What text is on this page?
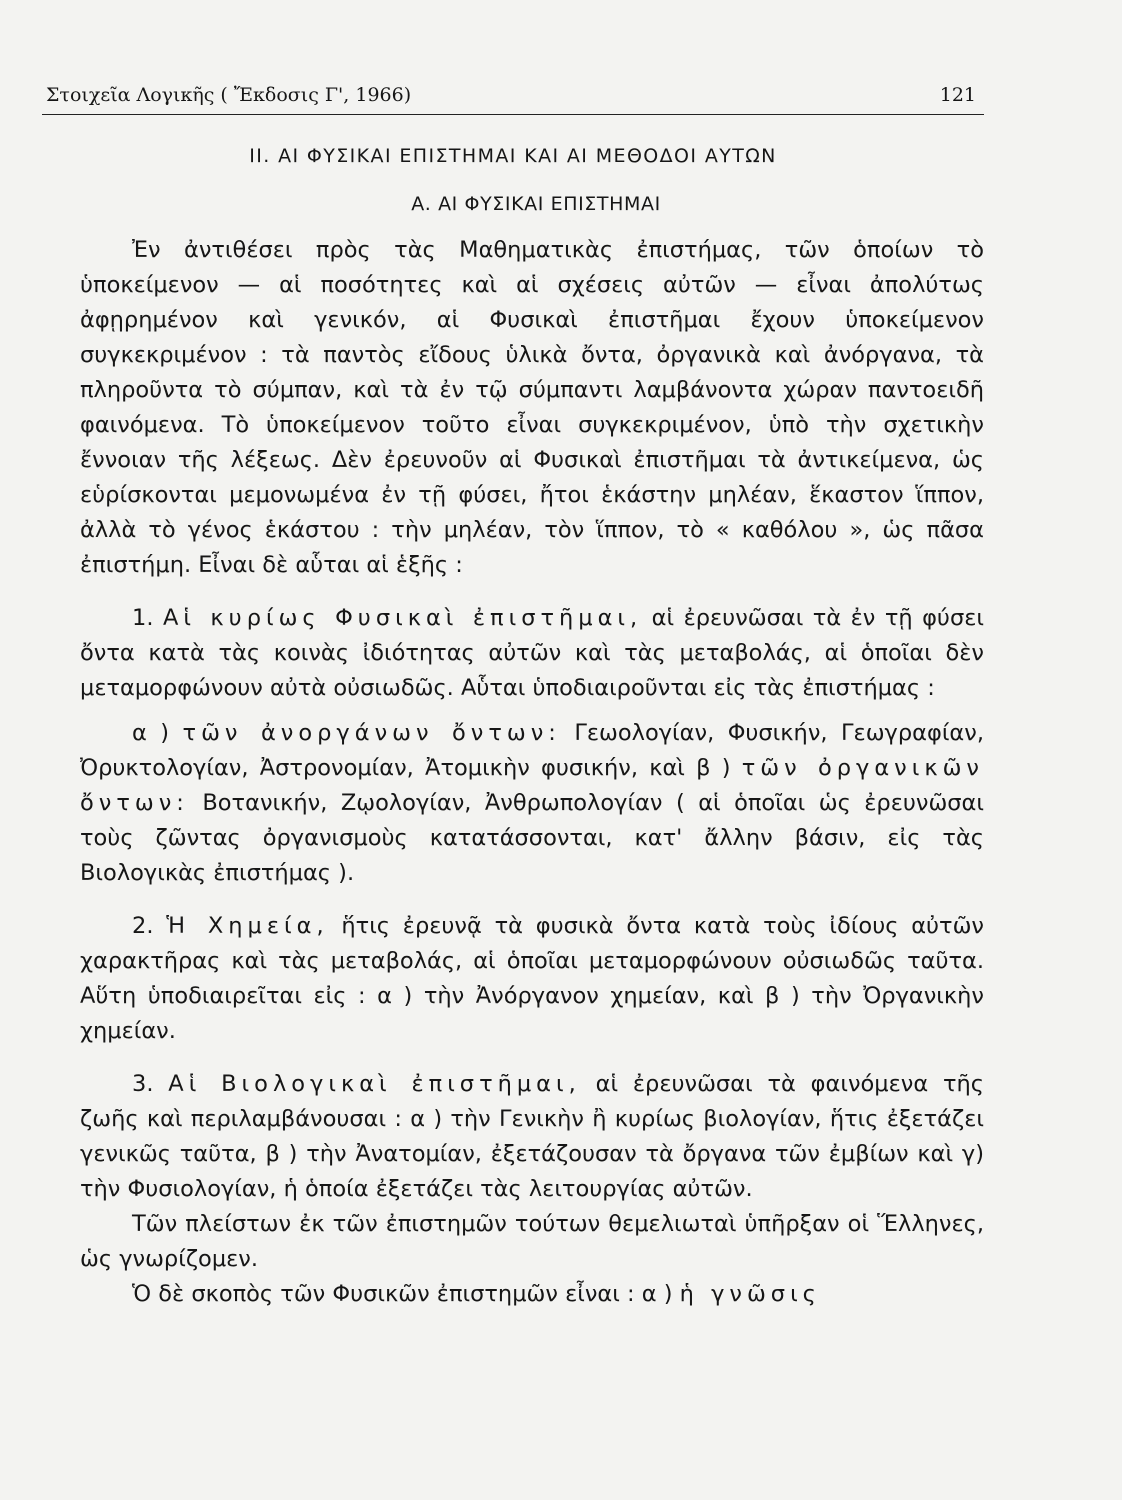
Στοιχεῖα Λογικῆς ( Ἔκδοσις Γ', 1966)	121
ΙΙ. ΑΙ ΦΥΣΙΚΑΙ ΕΠΙΣΤΗΜΑΙ ΚΑΙ ΑΙ ΜΕΘΟΔΟΙ ΑΥΤΩΝ
Α. ΑΙ ΦΥΣΙΚΑΙ ΕΠΙΣΤΗΜΑΙ

Ἐν ἀντιθέσει πρὸς τὰς Μαθηματικὰς ἐπιστήμας, τῶν ὁποίων τὸ ὑποκείμενον — αἱ ποσότητες καὶ αἱ σχέσεις αὐτῶν — εἶναι ἀπολύτως ἀφῃρημένον καὶ γενικόν, αἱ Φυσικαὶ ἐπιστῆμαι ἔχουν ὑποκείμενον συγκεκριμένον : τὰ παντὸς εἴδους ὑλικὰ ὄντα, ὀργανικὰ καὶ ἀνόργανα, τὰ πληροῦντα τὸ σύμπαν, καὶ τὰ ἐν τῷ σύμπαντι λαμβάνοντα χώραν παντοειδῆ φαινόμενα. Τὸ ὑποκείμενον τοῦτο εἶναι συγκεκριμένον, ὑπὸ τὴν σχετικὴν ἔννοιαν τῆς λέξεως. Δὲν ἐρευνοῦν αἱ Φυσικαὶ ἐπιστῆμαι τὰ ἀντικείμενα, ὡς εὑρίσκονται μεμονωμένα ἐν τῇ φύσει, ἤτοι ἑκάστην μηλέαν, ἕκαστον ἵππον, ἀλλὰ τὸ γένος ἑκάστου : τὴν μηλέαν, τὸν ἵππον, τὸ « καθόλου », ὡς πᾶσα ἐπιστήμη. Εἶναι δὲ αὗται αἱ ἑξῆς :

1. Αἱ κυρίως Φυσικαὶ ἐπιστῆμαι, αἱ ἐρευνῶσαι τὰ ἐν τῇ φύσει ὄντα κατὰ τὰς κοινὰς ἰδιότητας αὐτῶν καὶ τὰς μεταβολάς, αἱ ὁποῖαι δὲν μεταμορφώνουν αὐτὰ οὐσιωδῶς. Αὗται ὑποδιαιροῦνται εἰς τὰς ἐπιστήμας :

α ) τῶν ἀνοργάνων ὄντων: Γεωολογίαν, Φυσικήν, Γεωγραφίαν, Ὀρυκτολογίαν, Ἀστρονομίαν, Ἀτομικὴν φυσικήν, καὶ β ) τῶν ὀργανικῶν ὄντων: Βοτανικήν, Ζῳολογίαν, Ἀνθρωπολογίαν ( αἱ ὁποῖαι ὡς ἐρευνῶσαι τοὺς ζῶντας ὀργανισμοὺς κατατάσσονται, κατ' ἄλλην βάσιν, εἰς τὰς Βιολογικὰς ἐπιστήμας ).

2. Ἡ Χημεία, ἥτις ἐρευνᾷ τὰ φυσικὰ ὄντα κατὰ τοὺς ἰδίους αὐτῶν χαρακτῆρας καὶ τὰς μεταβολάς, αἱ ὁποῖαι μεταμορφώνουν οὐσιωδῶς ταῦτα. Αὕτη ὑποδιαιρεῖται εἰς : α ) τὴν Ἀνόργανον χημείαν, καὶ β ) τὴν Ὀργανικὴν χημείαν.

3. Αἱ Βιολογικαὶ ἐπιστῆμαι, αἱ ἐρευνῶσαι τὰ φαινόμενα τῆς ζωῆς καὶ περιλαμβάνουσαι : α ) τὴν Γενικὴν ἢ κυρίως βιολογίαν, ἥτις ἐξετάζει γενικῶς ταῦτα, β ) τὴν Ἀνατομίαν, ἐξετάζουσαν τὰ ὄργανα τῶν ἐμβίων καὶ γ) τὴν Φυσιολογίαν, ἡ ὁποία ἐξετάζει τὰς λειτουργίας αὐτῶν.

Τῶν πλείστων ἐκ τῶν ἐπιστημῶν τούτων θεμελιωταὶ ὑπῆρξαν οἱ Ἕλληνες, ὡς γνωρίζομεν.

Ὁ δὲ σκοπὸς τῶν Φυσικῶν ἐπιστημῶν εἶναι : α ) ἡ γνῶσις
